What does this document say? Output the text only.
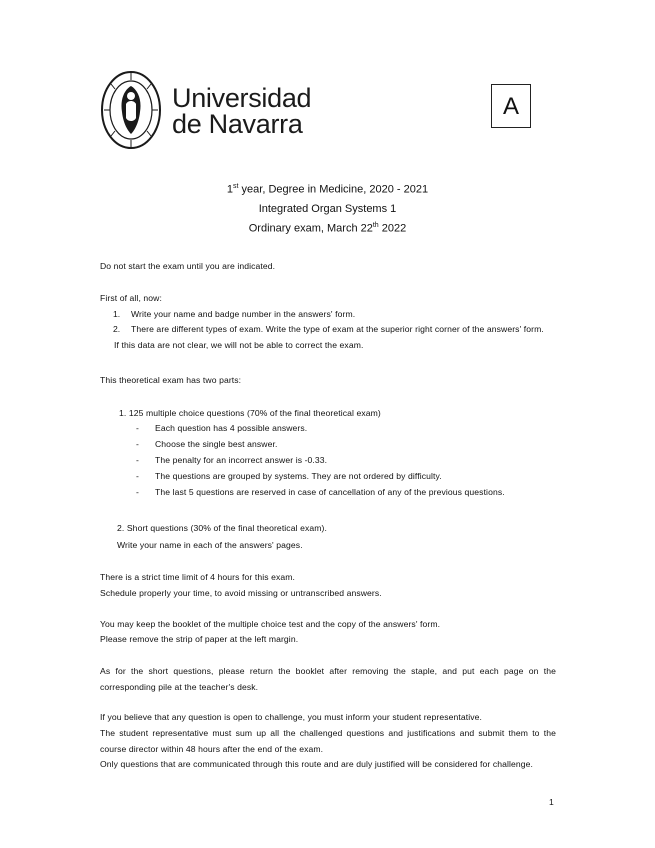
Universidad
de Navarra
A
1st year, Degree in Medicine, 2020 - 2021
Integrated Organ Systems 1
Ordinary exam, March 22th 2022
Do not start the exam until you are indicated.
First of all, now:
1. Write your name and badge number in the answers' form.
2. There are different types of exam. Write the type of exam at the superior right corner of the answers' form.
If this data are not clear, we will not be able to correct the exam.
This theoretical exam has two parts:
1. 125 multiple choice questions (70% of the final theoretical exam)
- Each question has 4 possible answers.
- Choose the single best answer.
- The penalty for an incorrect answer is -0.33.
- The questions are grouped by systems. They are not ordered by difficulty.
- The last 5 questions are reserved in case of cancellation of any of the previous questions.
2. Short questions (30% of the final theoretical exam).
Write your name in each of the answers' pages.
There is a strict time limit of 4 hours for this exam.
Schedule properly your time, to avoid missing or untranscribed answers.
You may keep the booklet of the multiple choice test and the copy of the answers' form.
Please remove the strip of paper at the left margin.
As for the short questions, please return the booklet after removing the staple, and put each page on the
corresponding pile at the teacher's desk.
If you believe that any question is open to challenge, you must inform your student representative.
The student representative must sum up all the challenged questions and justifications and submit them to the
course director within 48 hours after the end of the exam.
Only questions that are communicated through this route and are duly justified will be considered for challenge.
1
